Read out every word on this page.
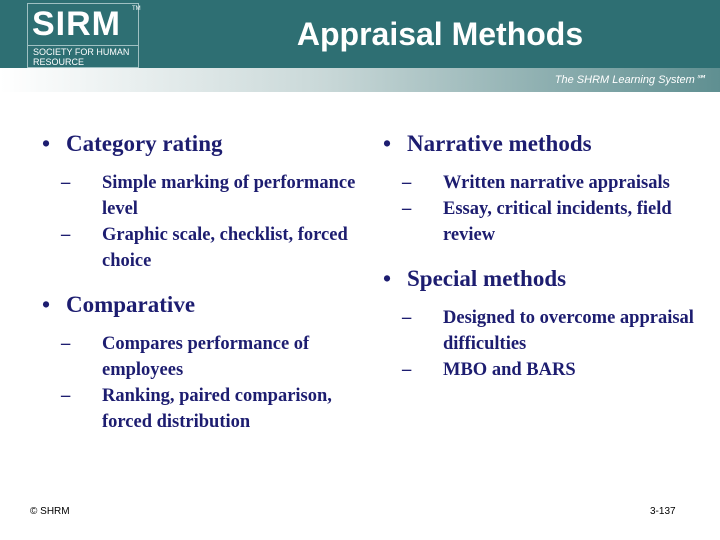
SIRM TM
SOCIETY FOR HUMAN
RESOURCE
Appraisal Methods
The SHRM Learning System℠
• Category rating
–	Simple marking of performance level
–	Graphic scale, checklist, forced choice
• Comparative
–	Compares performance of employees
–	Ranking, paired comparison, forced distribution
• Narrative methods
–	Written narrative appraisals
–	Essay, critical incidents, field review
• Special methods
–	Designed to overcome appraisal difficulties
–	MBO and BARS
© SHRM	3-137
